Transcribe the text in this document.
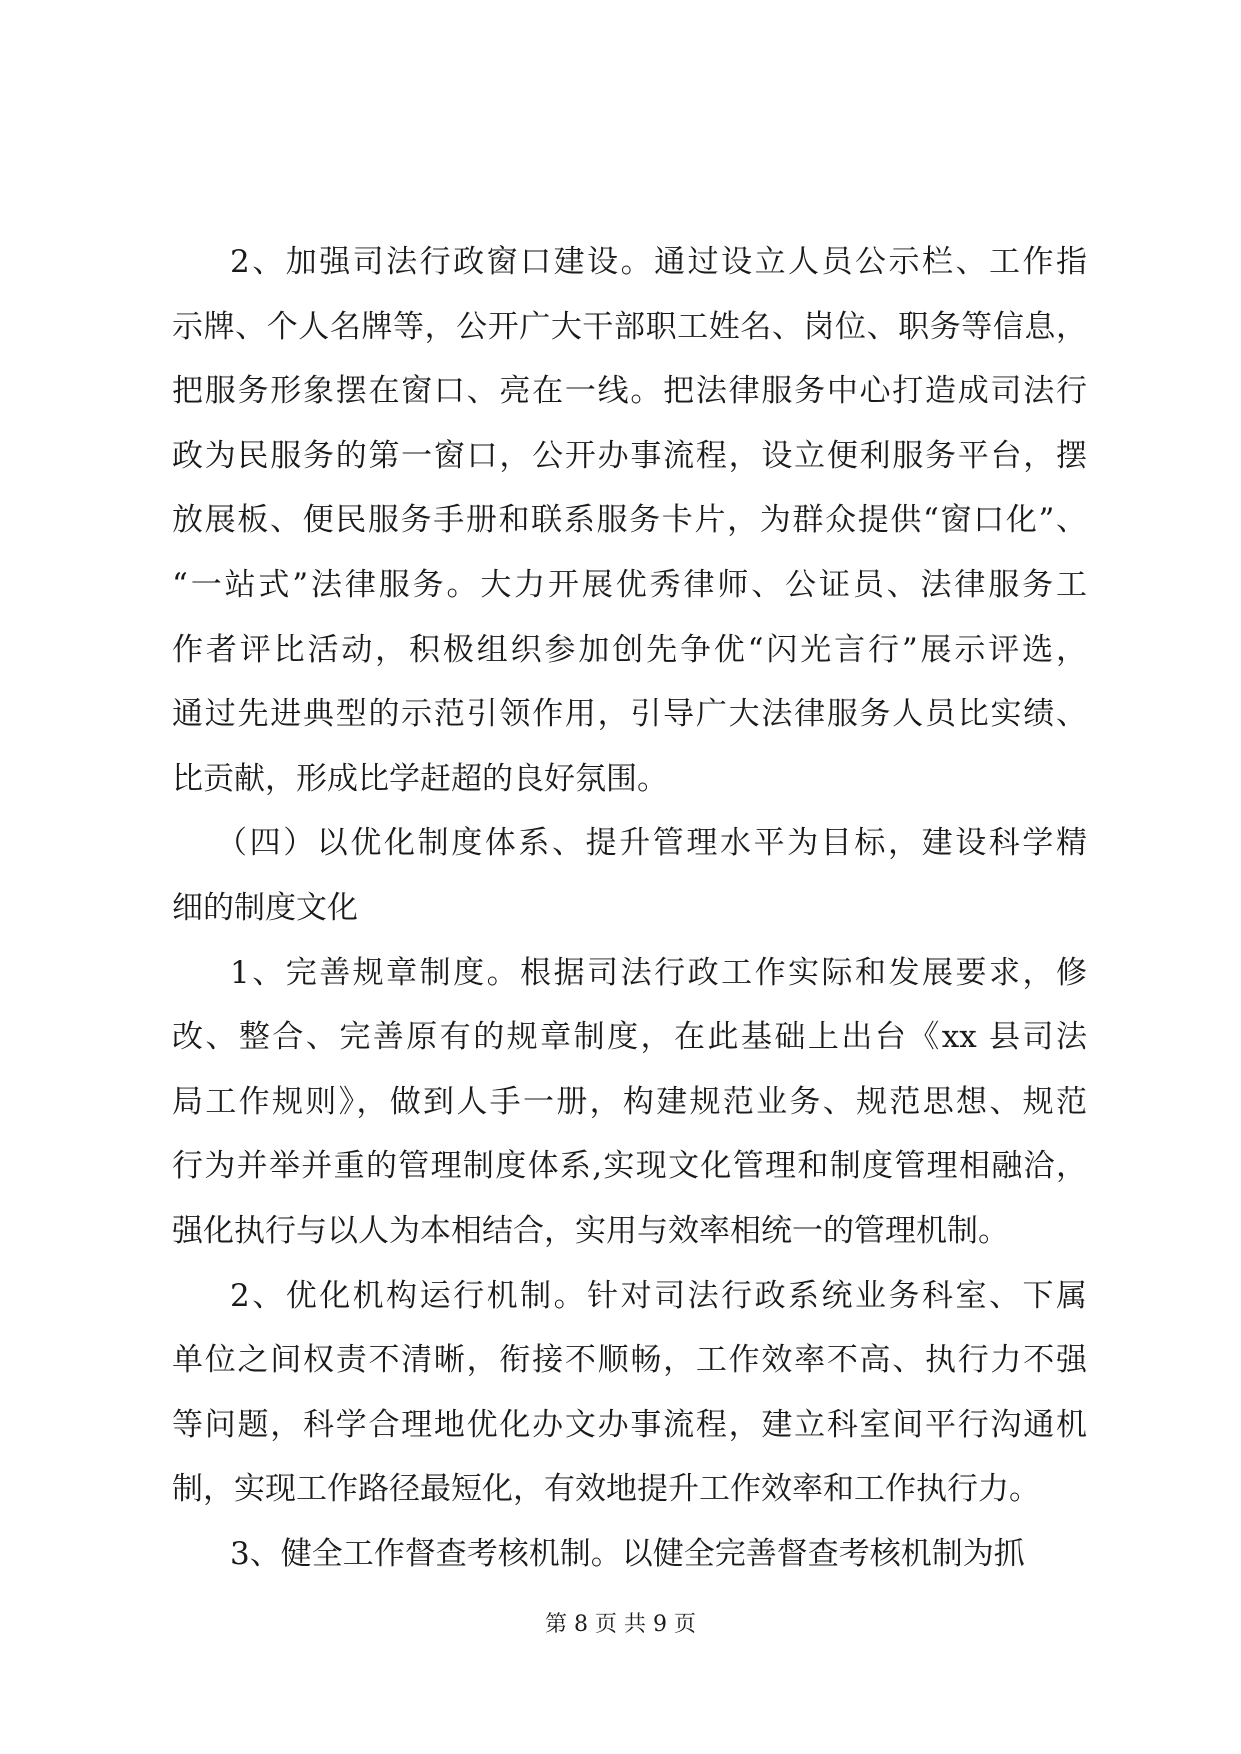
2、加强司法行政窗口建设。通过设立人员公示栏、工作指
示牌、个人名牌等，公开广大干部职工姓名、岗位、职务等信息，
把服务形象摆在窗口、亮在一线。把法律服务中心打造成司法行
政为民服务的第一窗口，公开办事流程，设立便利服务平台，摆
放展板、便民服务手册和联系服务卡片，为群众提供“窗口化”、
“一站式”法律服务。大力开展优秀律师、公证员、法律服务工
作者评比活动，积极组织参加创先争优“闪光言行”展示评选，
通过先进典型的示范引领作用，引导广大法律服务人员比实绩、
比贡献，形成比学赶超的良好氛围。
（四）以优化制度体系、提升管理水平为目标，建设科学精
细的制度文化
1、完善规章制度。根据司法行政工作实际和发展要求，修
改、整合、完善原有的规章制度，在此基础上出台《xx 县司法
局工作规则》，做到人手一册，构建规范业务、规范思想、规范
行为并举并重的管理制度体系,实现文化管理和制度管理相融洽，
强化执行与以人为本相结合，实用与效率相统一的管理机制。
2、优化机构运行机制。针对司法行政系统业务科室、下属
单位之间权责不清晰，衔接不顺畅，工作效率不高、执行力不强
等问题，科学合理地优化办文办事流程，建立科室间平行沟通机
制，实现工作路径最短化，有效地提升工作效率和工作执行力。
3、健全工作督查考核机制。以健全完善督查考核机制为抓
第 8 页 共 9 页
